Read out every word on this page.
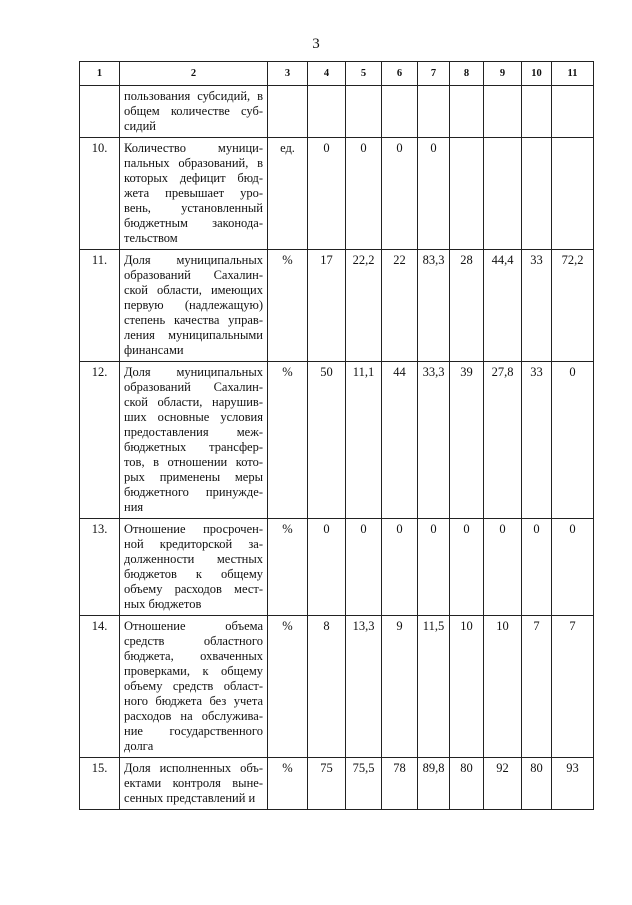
3
1	2	3	4	5	6	7	8	9	10	11
	пользования субсидий, в общем количестве суб-сидий									
10.	Количество муници-пальных образований, в которых дефицит бюд-жета превышает уро-вень, установленный бюджетным законода-тельством	ед.	0	0	0	0				
11.	Доля муниципальных образований Сахалин-ской области, имеющих первую (надлежащую) степень качества управ-ления муниципальными финансами	%	17	22,2	22	83,3	28	44,4	33	72,2
12.	Доля муниципальных образований Сахалин-ской области, нарушив-ших основные условия предоставления меж-бюджетных трансфер-тов, в отношении кото-рых применены меры бюджетного принужде-ния	%	50	11,1	44	33,3	39	27,8	33	0
13.	Отношение просрочен-ной кредиторской за-долженности местных бюджетов к общему объему расходов мест-ных бюджетов	%	0	0	0	0	0	0	0	0
14.	Отношение объема средств областного бюджета, охваченных проверками, к общему объему средств област-ного бюджета без учета расходов на обслужива-ние государственного долга	%	8	13,3	9	11,5	10	10	7	7
15.	Доля исполненных объ-ектами контроля выне-сенных представлений и	%	75	75,5	78	89,8	80	92	80	93
